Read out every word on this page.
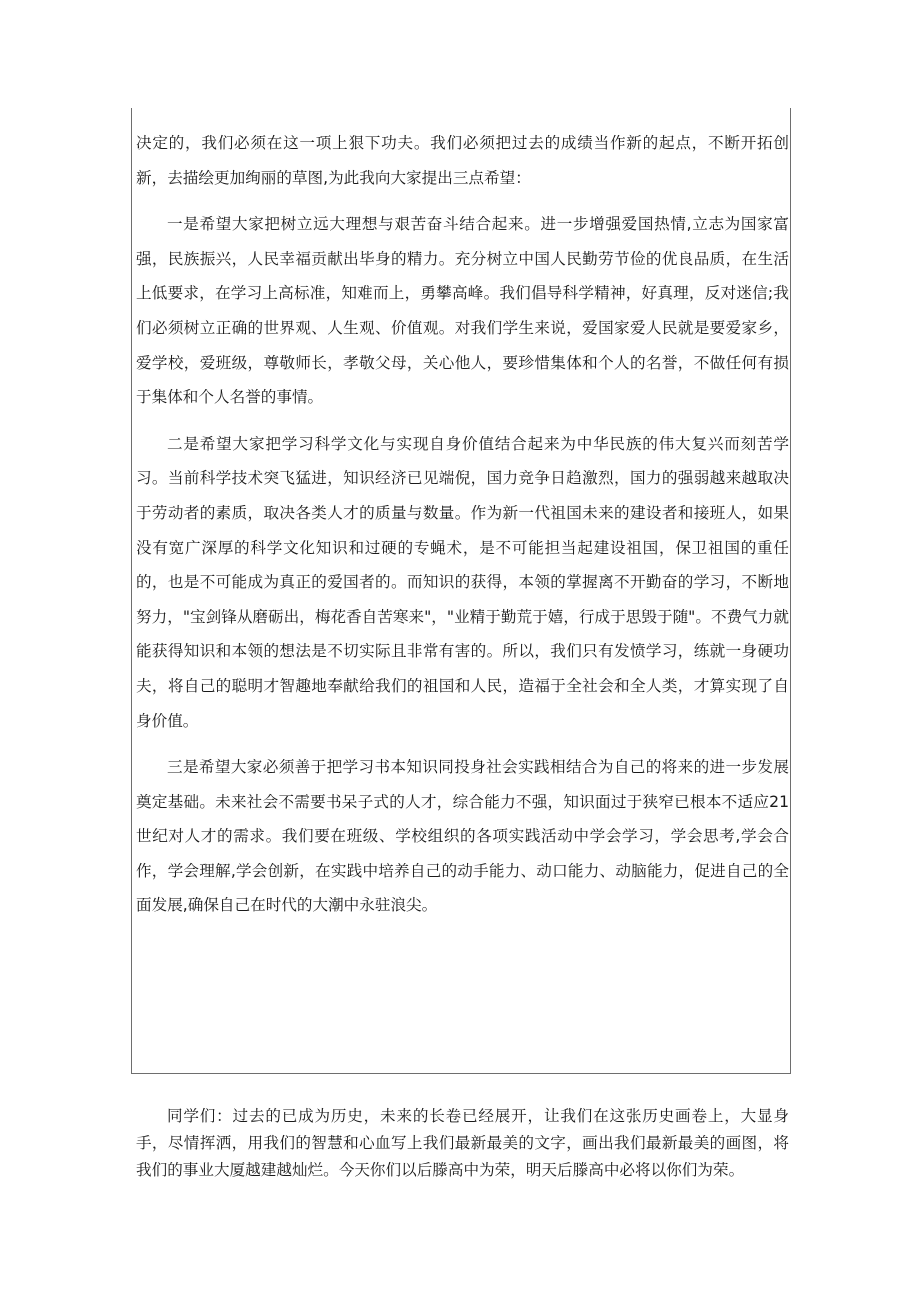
决定的，我们必须在这一项上狠下功夫。我们必须把过去的成绩当作新的起点，不断开拓创新，去描绘更加绚丽的草图,为此我向大家提出三点希望：

一是希望大家把树立远大理想与艰苦奋斗结合起来。进一步增强爱国热情,立志为国家富强，民族振兴，人民幸福贡献出毕身的精力。充分树立中国人民勤劳节俭的优良品质，在生活上低要求，在学习上高标准，知难而上，勇攀高峰。我们倡导科学精神，好真理，反对迷信;我们必须树立正确的世界观、人生观、价值观。对我们学生来说，爱国家爱人民就是要爱家乡，爱学校，爱班级，尊敬师长，孝敬父母，关心他人，要珍惜集体和个人的名誉，不做任何有损于集体和个人名誉的事情。

二是希望大家把学习科学文化与实现自身价值结合起来为中华民族的伟大复兴而刻苦学习。当前科学技术突飞猛进，知识经济已见端倪，国力竞争日趋激烈，国力的强弱越来越取决于劳动者的素质，取决各类人才的质量与数量。作为新一代祖国未来的建设者和接班人，如果没有宽广深厚的科学文化知识和过硬的专蝇术，是不可能担当起建设祖国，保卫祖国的重任的，也是不可能成为真正的爱国者的。而知识的获得，本领的掌握离不开勤奋的学习，不断地努力，"宝剑锋从磨砺出，梅花香自苦寒来"，"业精于勤荒于嬉，行成于思毁于随"。不费气力就能获得知识和本领的想法是不切实际且非常有害的。所以，我们只有发愤学习，练就一身硬功夫，将自己的聪明才智趣地奉献给我们的祖国和人民，造福于全社会和全人类，才算实现了自身价值。

三是希望大家必须善于把学习书本知识同投身社会实践相结合为自己的将来的进一步发展奠定基础。未来社会不需要书呆子式的人才，综合能力不强，知识面过于狭窄已根本不适应21世纪对人才的需求。我们要在班级、学校组织的各项实践活动中学会学习，学会思考,学会合作，学会理解,学会创新，在实践中培养自己的动手能力、动口能力、动脑能力，促进自己的全面发展,确保自己在时代的大潮中永驻浪尖。

同学们：过去的已成为历史，未来的长卷已经展开，让我们在这张历史画卷上，大显身手，尽情挥洒，用我们的智慧和心血写上我们最新最美的文字，画出我们最新最美的画图，将我们的事业大厦越建越灿烂。今天你们以后滕高中为荣，明天后滕高中必将以你们为荣。
